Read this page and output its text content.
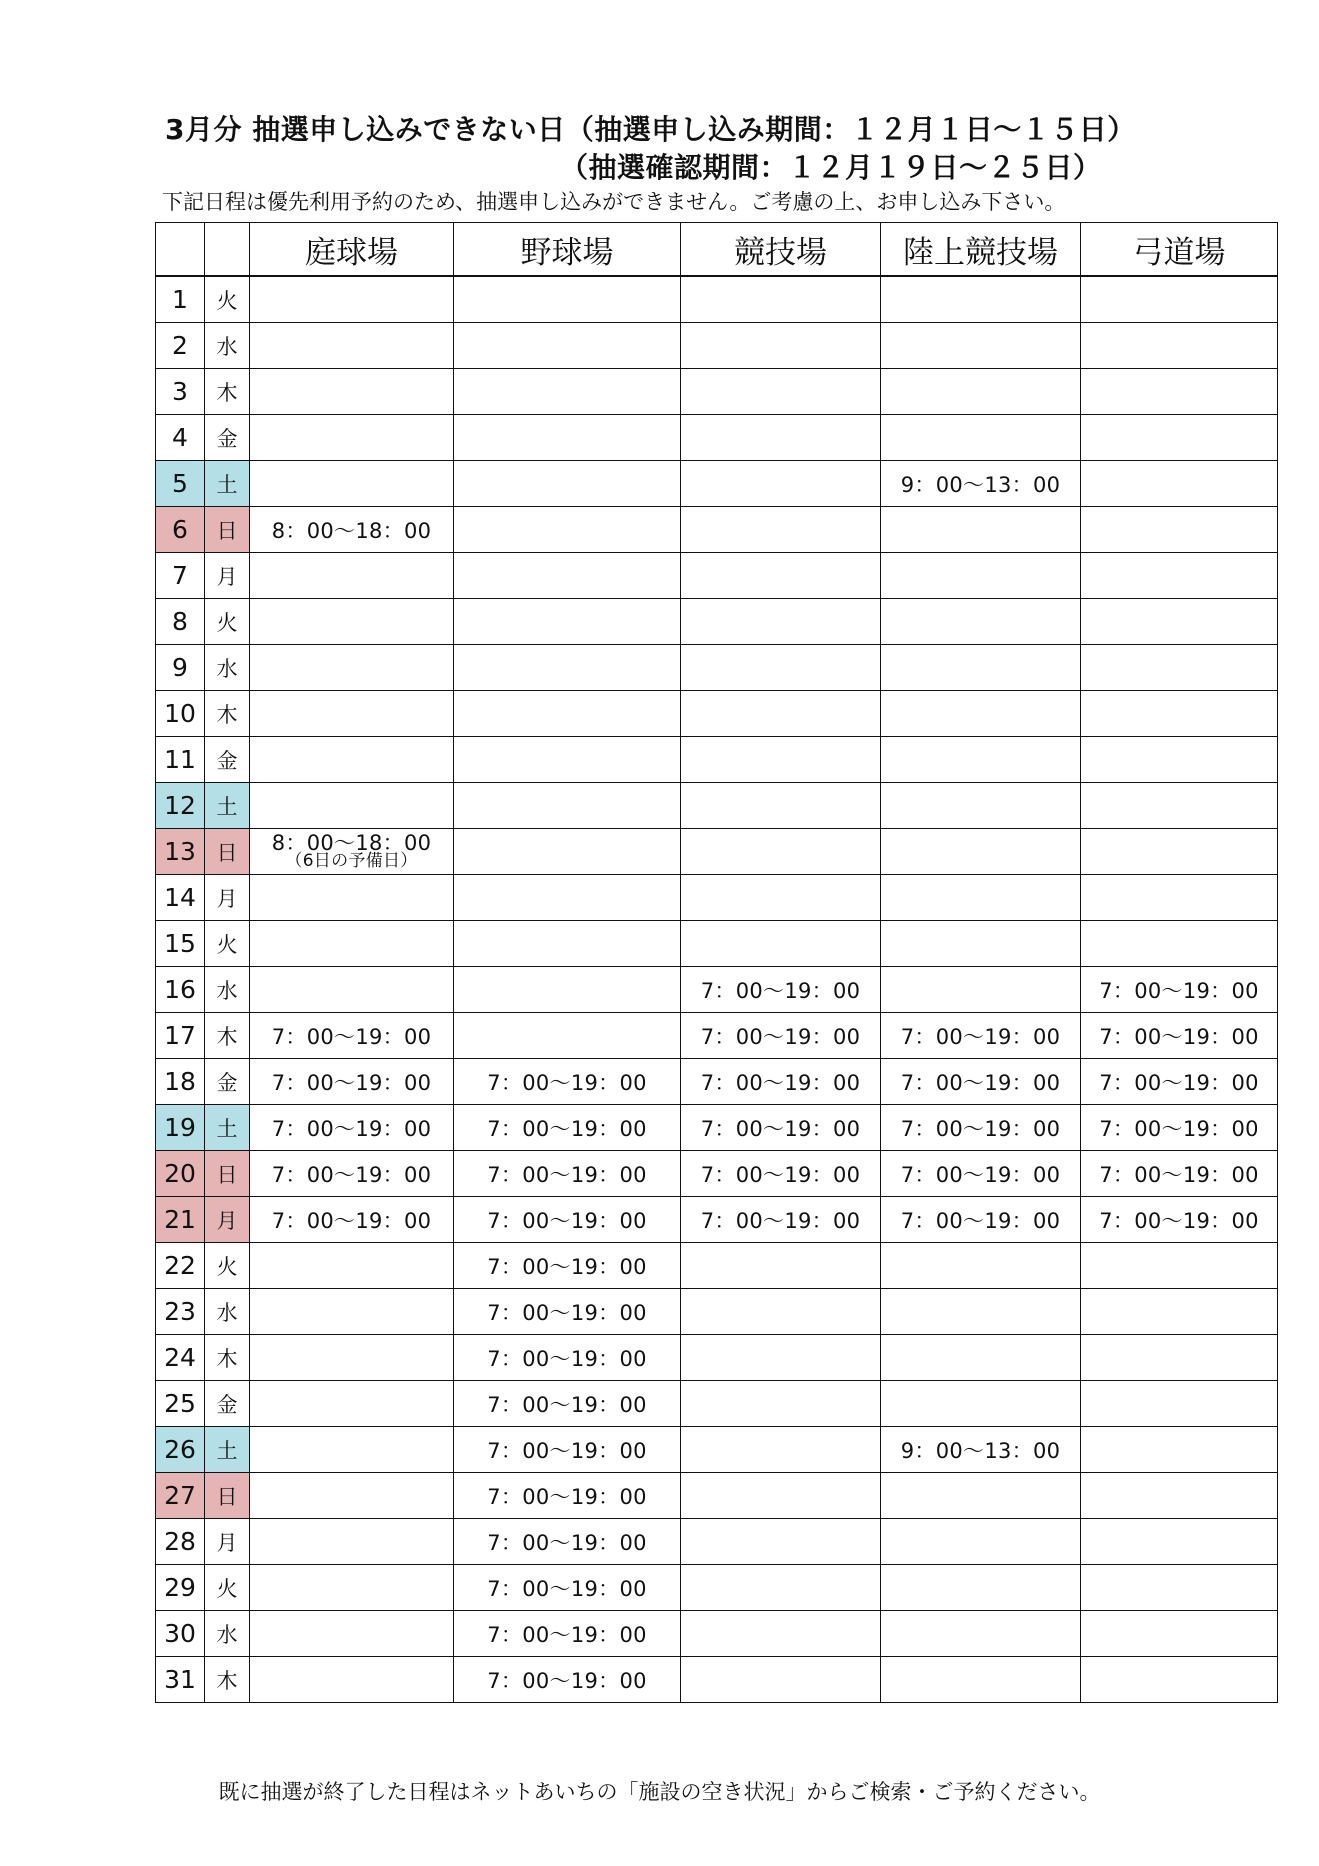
3月分 抽選申し込みできない日（抽選申し込み期間：１２月１日～１５日）
（抽選確認期間：１２月１９日～２５日）
下記日程は優先利用予約のため、抽選申し込みができません。ご考慮の上、お申し込み下さい。
		庭球場	野球場	競技場	陸上競技場	弓道場
1	火					
2	水					
3	木					
4	金					
5	土				9：00～13：00	
6	日	8：00～18：00				
7	月					
8	火					
9	水					
10	木					
11	金					
12	土					
13	日	8：00～18：00
（6日の予備日）				

14	月					
15	火					
16	水			7：00～19：00		7：00～19：00
17	木	7：00～19：00		7：00～19：00	7：00～19：00	7：00～19：00
18	金	7：00～19：00	7：00～19：00	7：00～19：00	7：00～19：00	7：00～19：00
19	土	7：00～19：00	7：00～19：00	7：00～19：00	7：00～19：00	7：00～19：00
20	日	7：00～19：00	7：00～19：00	7：00～19：00	7：00～19：00	7：00～19：00
21	月	7：00～19：00	7：00～19：00	7：00～19：00	7：00～19：00	7：00～19：00
22	火		7：00～19：00			
23	水		7：00～19：00			
24	木		7：00～19：00			
25	金		7：00～19：00			
26	土		7：00～19：00		9：00～13：00	
27	日		7：00～19：00			
28	月		7：00～19：00			
29	火		7：00～19：00			
30	水		7：00～19：00			
31	木		7：00～19：00			
既に抽選が終了した日程はネットあいちの「施設の空き状況」からご検索・ご予約ください。
